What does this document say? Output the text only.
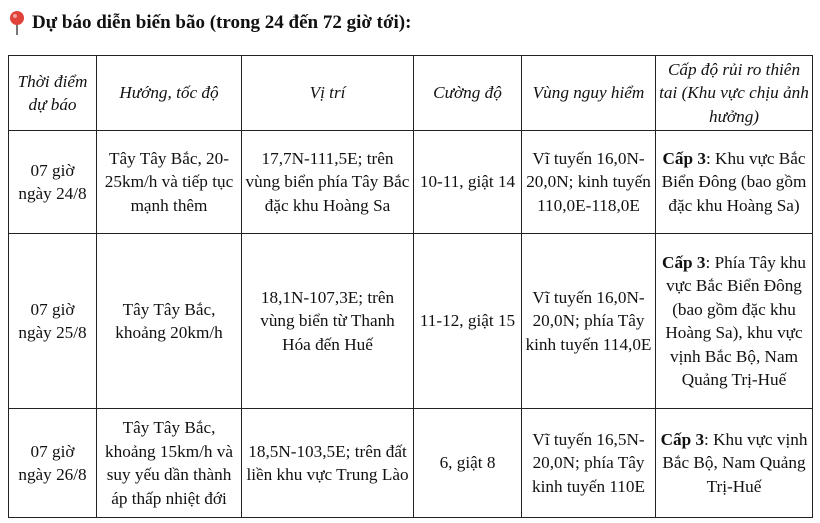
Dự báo diễn biến bão (trong 24 đến 72 giờ tới):
Thời điểm dự báo	Hướng, tốc độ	Vị trí	Cường độ	Vùng nguy hiểm	Cấp độ rủi ro thiên tai (Khu vực chịu ảnh hưởng)
07 giờ ngày 24/8	Tây Tây Bắc, 20-25km/h và tiếp tục mạnh thêm	17,7N-111,5E; trên vùng biển phía Tây Bắc đặc khu Hoàng Sa	10-11, giật 14	Vĩ tuyến 16,0N-20,0N; kinh tuyến 110,0E-118,0E	Cấp 3: Khu vực Bắc Biển Đông (bao gồm đặc khu Hoàng Sa)
07 giờ ngày 25/8	Tây Tây Bắc, khoảng 20km/h	18,1N-107,3E; trên vùng biển từ Thanh Hóa đến Huế	11-12, giật 15	Vĩ tuyến 16,0N-20,0N; phía Tây kinh tuyến 114,0E	Cấp 3: Phía Tây khu vực Bắc Biển Đông (bao gồm đặc khu Hoàng Sa), khu vực vịnh Bắc Bộ, Nam Quảng Trị-Huế
07 giờ ngày 26/8	Tây Tây Bắc, khoảng 15km/h và suy yếu dần thành áp thấp nhiệt đới	18,5N-103,5E; trên đất liền khu vực Trung Lào	6, giật 8	Vĩ tuyến 16,5N-20,0N; phía Tây kinh tuyến 110E	Cấp 3: Khu vực vịnh Bắc Bộ, Nam Quảng Trị-Huế
